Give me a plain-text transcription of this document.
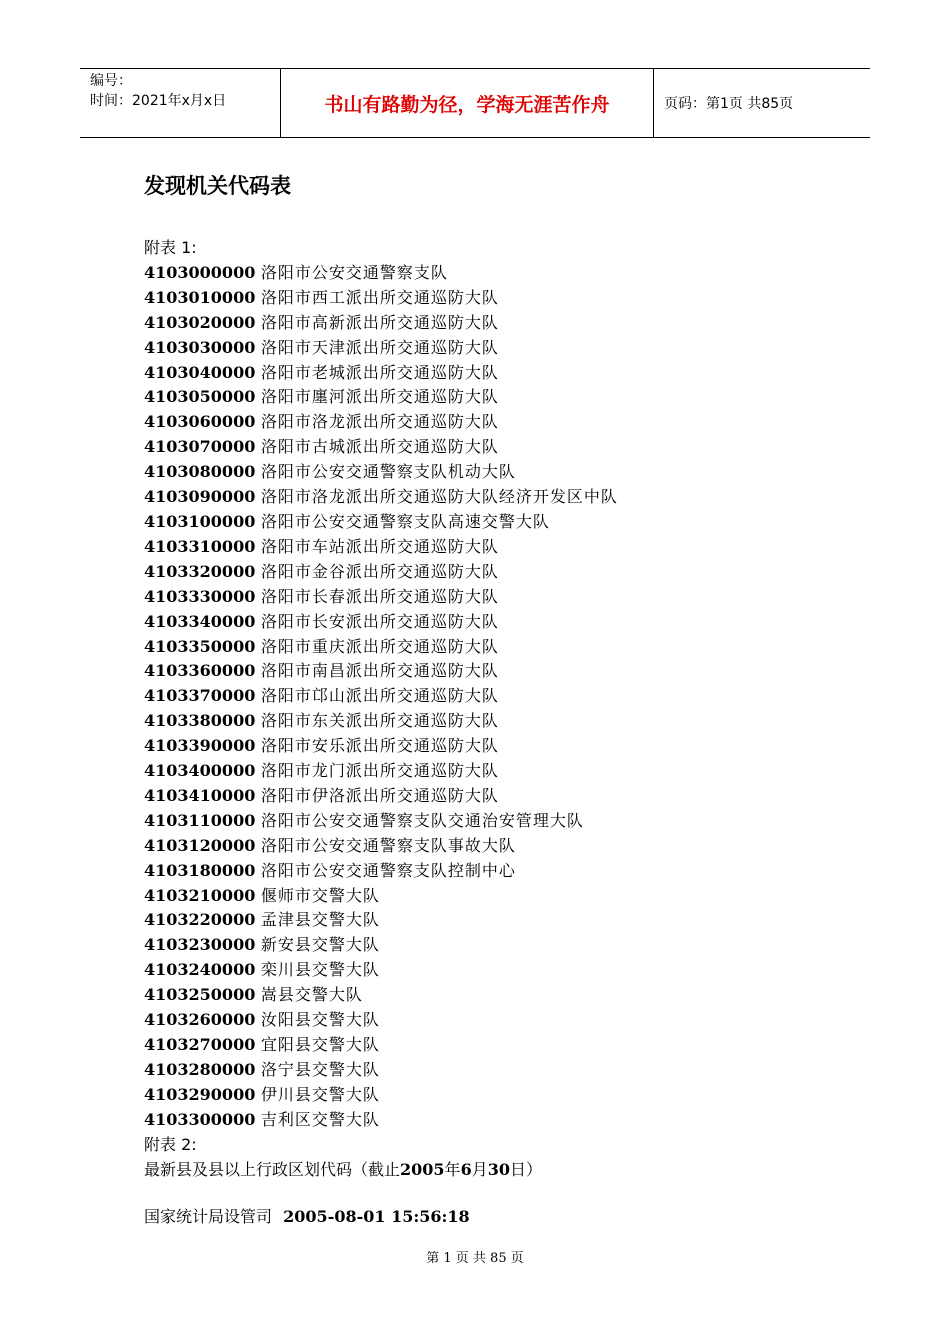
编号：
时间：2021年x月x日	书山有路勤为径，学海无涯苦作舟	页码：第1页 共85页
发现机关代码表
附表 1:
4103000000 洛阳市公安交通警察支队
4103010000 洛阳市西工派出所交通巡防大队
4103020000 洛阳市高新派出所交通巡防大队
4103030000 洛阳市天津派出所交通巡防大队
4103040000 洛阳市老城派出所交通巡防大队
4103050000 洛阳市廛河派出所交通巡防大队
4103060000 洛阳市洛龙派出所交通巡防大队
4103070000 洛阳市古城派出所交通巡防大队
4103080000 洛阳市公安交通警察支队机动大队
4103090000 洛阳市洛龙派出所交通巡防大队经济开发区中队
4103100000 洛阳市公安交通警察支队高速交警大队
4103310000 洛阳市车站派出所交通巡防大队
4103320000 洛阳市金谷派出所交通巡防大队
4103330000 洛阳市长春派出所交通巡防大队
4103340000 洛阳市长安派出所交通巡防大队
4103350000 洛阳市重庆派出所交通巡防大队
4103360000 洛阳市南昌派出所交通巡防大队
4103370000 洛阳市邙山派出所交通巡防大队
4103380000 洛阳市东关派出所交通巡防大队
4103390000 洛阳市安乐派出所交通巡防大队
4103400000 洛阳市龙门派出所交通巡防大队
4103410000 洛阳市伊洛派出所交通巡防大队
4103110000 洛阳市公安交通警察支队交通治安管理大队
4103120000 洛阳市公安交通警察支队事故大队
4103180000 洛阳市公安交通警察支队控制中心
4103210000 偃师市交警大队
4103220000 孟津县交警大队
4103230000 新安县交警大队
4103240000 栾川县交警大队
4103250000 嵩县交警大队
4103260000 汝阳县交警大队
4103270000 宜阳县交警大队
4103280000 洛宁县交警大队
4103290000 伊川县交警大队
4103300000 吉利区交警大队
附表 2:
最新县及县以上行政区划代码（截止2005年6月30日）
国家统计局设管司 2005-08-01 15:56:18
第 1 页 共 85 页
